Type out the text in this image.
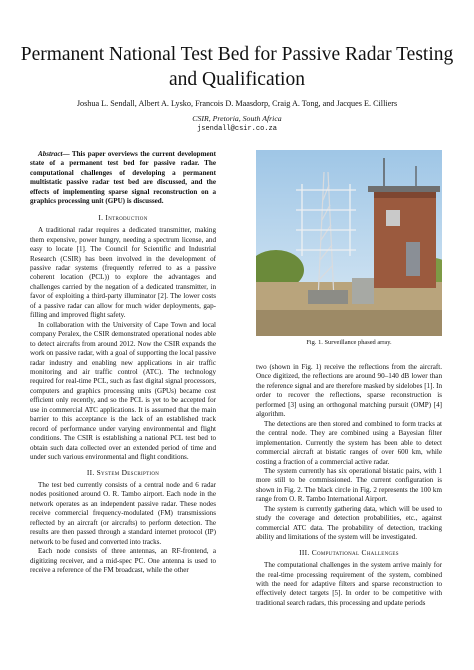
Permanent National Test Bed for Passive Radar Testing and Qualification
Joshua L. Sendall, Albert A. Lysko, Francois D. Maasdorp, Craig A. Tong, and Jacques E. Cilliers
CSIR, Pretoria, South Africa
jsendall@csir.co.za

Abstract— This paper overviews the current development state of a permanent test bed for passive radar. The computational challenges of developing a permanent multistatic passive radar test bed are discussed, and the effects of implementing sparse signal reconstruction on a graphics processing unit (GPU) is discussed.

I. Introduction

A traditional radar requires a dedicated transmitter, making them expensive, power hungry, needing a spectrum license, and easy to locate [1]. The Council for Scientific and Industrial Research (CSIR) has been involved in the development of passive radar systems (frequently referred to as a passive coherent location (PCL)) to explore the advantages and challenges carried by the negation of a dedicated transmitter, in favor of exploiting a third-party illuminator [2]. The lower costs of a passive radar can allow for much wider deployments, gap-filling and improved flight safety.

In collaboration with the University of Cape Town and local company Peralex, the CSIR demonstrated operational nodes able to detect aircrafts from around 2012. Now the CSIR expands the work on passive radar, with a goal of supporting the local passive radar industry and enabling new applications in air traffic monitoring and air traffic control (ATC). The technology required for real-time PCL, such as fast digital signal processors, computers and graphics processing units (GPUs) became cost efficient only recently, and so the PCL is yet to be accepted for use in commercial ATC applications. It is assumed that the main barrier to this acceptance is the lack of an established track record of performance under varying environmental and flight conditions. The CSIR is establishing a national PCL test bed to obtain such data collected over an extended period of time and under such various environmental and flight conditions.

II. System Description

The test bed currently consists of a central node and 6 radar nodes positioned around O. R. Tambo airport. Each node in the network operates as an independent passive radar. These nodes receive commercial frequency-modulated (FM) transmissions reflected by an aircraft (or aircrafts) to perform detection. The results are then passed through a standard internet protocol (IP) network to be fused and converted into tracks.

Each node consists of three antennas, an RF-frontend, a digitizing receiver, and a mid-spec PC. One antenna is used to receive a reference of the FM broadcast, while the other

Fig. 1. Surveillance phased array.

two (shown in Fig. 1) receive the reflections from the aircraft. Once digitized, the reflections are around 90–140 dB lower than the reference signal and are therefore masked by sidelobes [1]. In order to recover the reflections, sparse reconstruction is performed [3] using an orthogonal matching pursuit (OMP) [4] algorithm.

The detections are then stored and combined to form tracks at the central node. They are combined using a Bayesian filter implementation. Currently the system has been able to detect commercial aircraft at bistatic ranges of over 600 km, while costing a fraction of a commercial active radar.

The system currently has six operational bistatic pairs, with 1 more still to be commissioned. The current configuration is shown in Fig. 2. The black circle in Fig. 2 represents the 100 km range from O. R. Tambo International Airport.

The system is currently gathering data, which will be used to study the coverage and detection probabilities, etc., against commercial ATC data. The probability of detection, tracking ability and limitations of the system will be investigated.

III. Computational Challenges

The computational challenges in the system arrive mainly for the real-time processing requirement of the system, combined with the need for adaptive filters and sparse reconstruction to effectively detect targets [5]. In order to be competitive with traditional search radars, this processing and update periods
